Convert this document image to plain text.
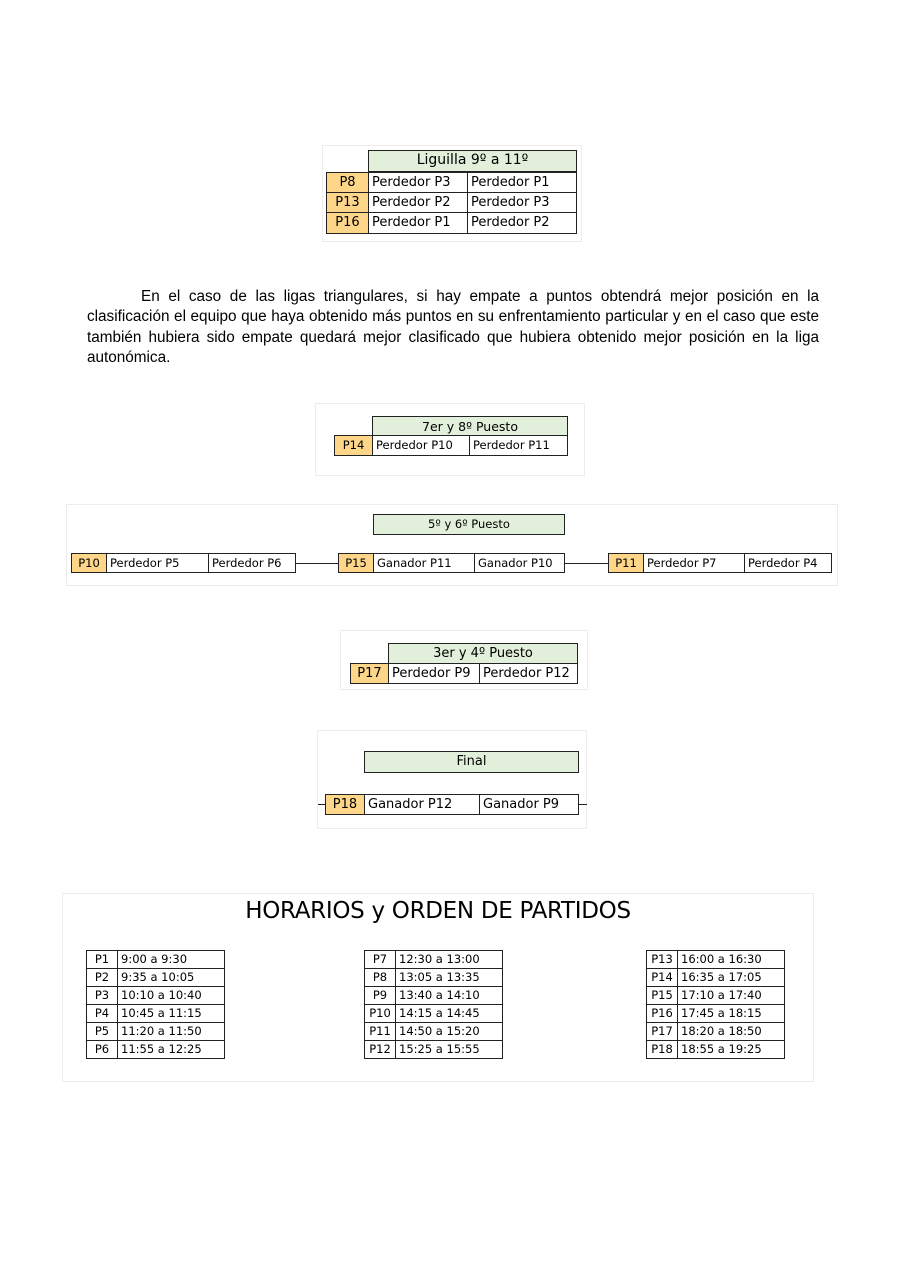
Liguilla 9º a 11º
P8	Perdedor P3	Perdedor P1
P13 Perdedor P2	Perdedor P3
P16 Perdedor P1	Perdedor P2

En el caso de las ligas triangulares, si hay empate a puntos obtendrá mejor posición en la clasificación el equipo que haya obtenido más puntos en su enfrentamiento particular y en el caso que este también hubiera sido empate quedará mejor clasificado que hubiera obtenido mejor posición en la liga autonómica.

7er y 8º Puesto
P14	Perdedor P10	Perdedor P11
5º y 6º Puesto
P10 Perdedor P5	Perdedor P6	P15 Ganador P11	Ganador P10	P11 Perdedor P7	Perdedor P4
3er y 4º Puesto
P17 Perdedor P9 Perdedor P12
Final
P18 Ganador P12	Ganador P9
HORARIOS y ORDEN DE PARTIDOS
P1	9:00 a 9:30
P2	9:35 a 10:05
P3	10:10 a 10:40
P4	10:45 a 11:15
P5	11:20 a 11:50
P6	11:55 a 12:25
P7	12:30 a 13:00
P8	13:05 a 13:35
P9	13:40 a 14:10
P10	14:15 a 14:45
P11	14:50 a 15:20
P12	15:25 a 15:55
P13	16:00 a 16:30
P14	16:35 a 17:05
P15	17:10 a 17:40
P16	17:45 a 18:15
P17	18:20 a 18:50
P18	18:55 a 19:25
